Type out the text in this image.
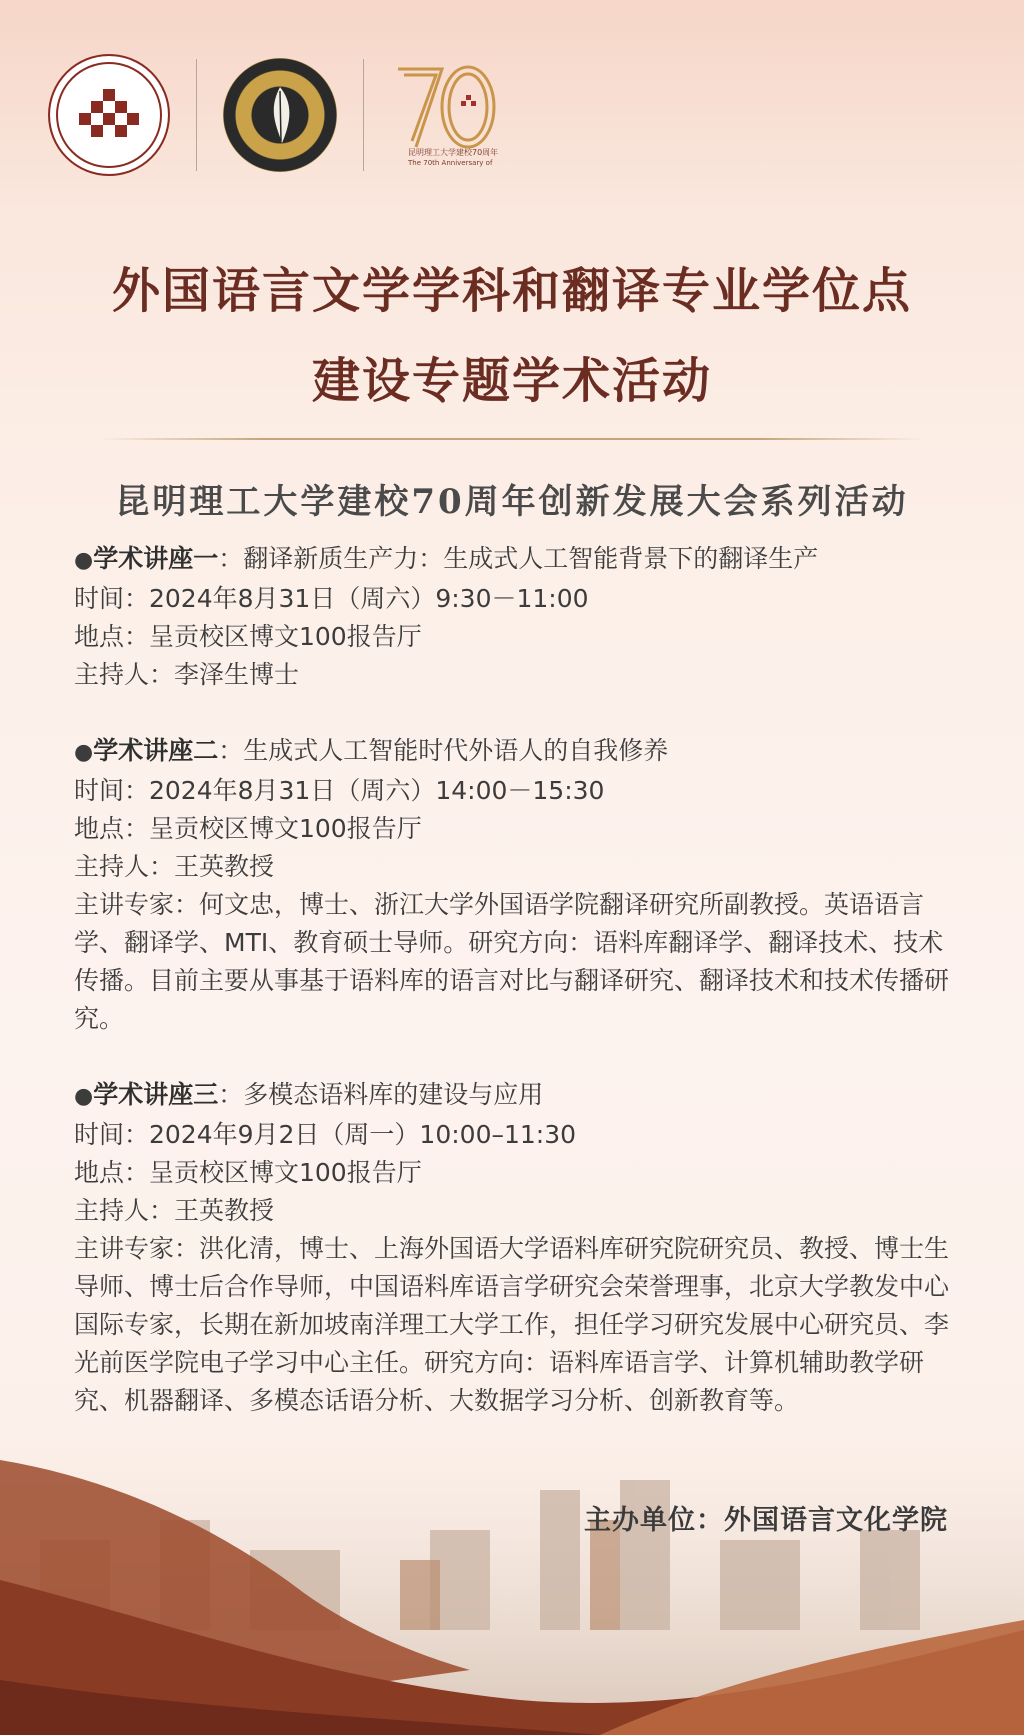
昆明理工大学建校70周年
The 70th Anniversary of
外国语言文学学科和翻译专业学位点
建设专题学术活动
昆明理工大学建校70周年创新发展大会系列活动

●学术讲座一：翻译新质生产力：生成式人工智能背景下的翻译生产

时间：2024年8月31日（周六）9:30－11:00

地点：呈贡校区博文100报告厅

主持人：李泽生博士

●学术讲座二：生成式人工智能时代外语人的自我修养

时间：2024年8月31日（周六）14:00－15:30

地点：呈贡校区博文100报告厅

主持人：王英教授

主讲专家：何文忠，博士、浙江大学外国语学院翻译研究所副教授。英语语言学、翻译学、MTI、教育硕士导师。研究方向：语料库翻译学、翻译技术、技术传播。目前主要从事基于语料库的语言对比与翻译研究、翻译技术和技术传播研究。

●学术讲座三：多模态语料库的建设与应用

时间：2024年9月2日（周一）10:00–11:30

地点：呈贡校区博文100报告厅

主持人：王英教授

主讲专家：洪化清，博士、上海外国语大学语料库研究院研究员、教授、博士生导师、博士后合作导师，中国语料库语言学研究会荣誉理事，北京大学教发中心国际专家，长期在新加坡南洋理工大学工作，担任学习研究发展中心研究员、李光前医学院电子学习中心主任。研究方向：语料库语言学、计算机辅助教学研究、机器翻译、多模态话语分析、大数据学习分析、创新教育等。

主办单位：外国语言文化学院
